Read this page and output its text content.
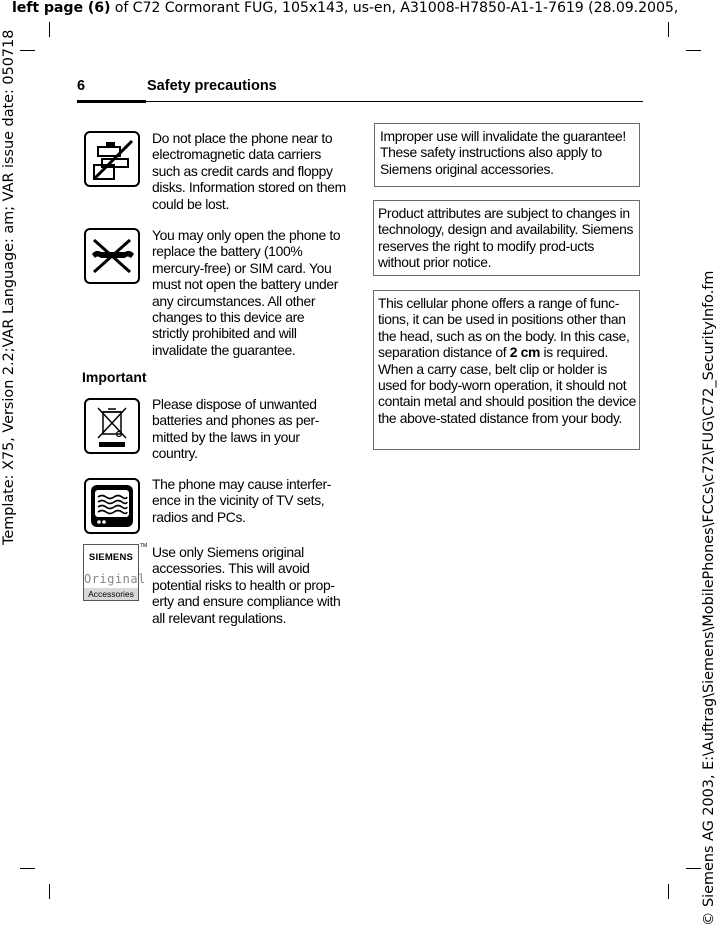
left page (6) of C72 Cormorant FUG, 105x143, us-en, A31008-H7850-A1-1-7619 (28.09.2005,
Template: X75, Version 2.2;VAR Language: am; VAR issue date: 050718	© Siemens AG 2003, E:\Auftrag\Siemens\MobilePhones\FCCs\c72\FUG\C72_SecurityInfo.fm
6	Safety precautions
Do not place the phone near to electromagnetic data carriers such as credit cards and floppy disks. Information stored on them could be lost.
You may only open the phone to replace the battery (100% mercury-free) or SIM card. You must not open the battery under any circumstances. All other changes to this device are strictly prohibited and will invalidate the guarantee.
Important
Please dispose of unwanted batteries and phones as per-mitted by the laws in your country.
The phone may cause interfer-ence in the vicinity of TV sets, radios and PCs.
SIEMENS
Original
Accessories
TM Use only Siemens original accessories. This will avoid potential risks to health or prop-erty and ensure compliance with all relevant regulations.
Improper use will invalidate the guarantee! These safety instructions also apply to Siemens original accessories.
Product attributes are subject to changes in technology, design and availability. Siemens reserves the right to modify prod-ucts without prior notice.
This cellular phone offers a range of func-tions, it can be used in positions other than the head, such as on the body. In this case, separation distance of 2 cm is required. When a carry case, belt clip or holder is used for body-worn operation, it should not contain metal and should position the device the above-stated distance from your body.
